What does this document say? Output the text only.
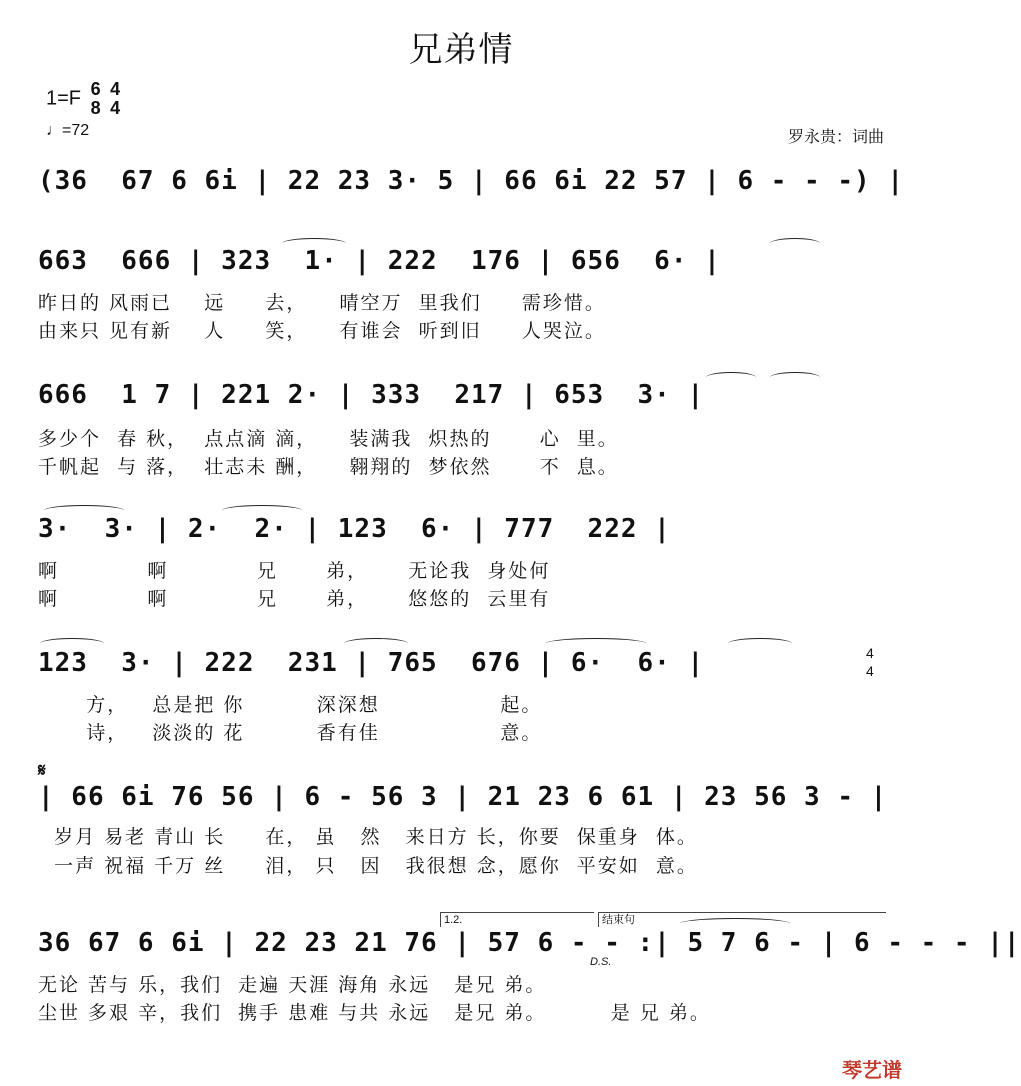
兄弟情
1=F 6
8 4
4
♩=72	罗永贵：词曲
(36  67 6 6i | 22 23 3· 5 | 66 6i 22 57 | 6 - - -) |
663  666 | 323  1· | 222  176 | 656  6· |
昨日的 风雨已    远     去，    晴空万  里我们     需珍惜。
由来只 见有新    人     笑，    有谁会  听到旧     人哭泣。
666  1 7 | 221 2· | 333  217 | 653  3· |
多少个  春 秋，  点点滴 滴，    装满我  炽热的      心  里。
千帆起  与 落，  壮志未 酬，    翱翔的  梦依然      不  息。
3·  3· | 2·  2· | 123  6· | 777  222 |
啊           啊           兄      弟，     无论我  身处何
啊           啊           兄      弟，     悠悠的  云里有
123  3· | 222  231 | 765  676 | 6·  6· |
方，   总是把 你         深深想               起。
诗，   淡淡的 花         香有佳               意。
4
4
𝄋
| 66 6i 76 56 | 6 - 56 3 | 21 23 6 61 | 23 56 3 - |
岁月 易老 青山 长     在， 虽   然   来日方 长，你要  保重身  体。
一声 祝福 千万 丝     泪， 只   因   我很想 念，愿你  平安如  意。
1.2.	结束句
36 67 6 6i | 22 23 21 76 | 57 6 - - :| 5 7 6 - | 6 - - - ||
D.S.
无论 苦与 乐，我们  走遍 天涯 海角 永远   是兄 弟。
尘世 多艰 辛，我们  携手 患难 与共 永远   是兄 弟。        是 兄 弟。
琴艺谱
